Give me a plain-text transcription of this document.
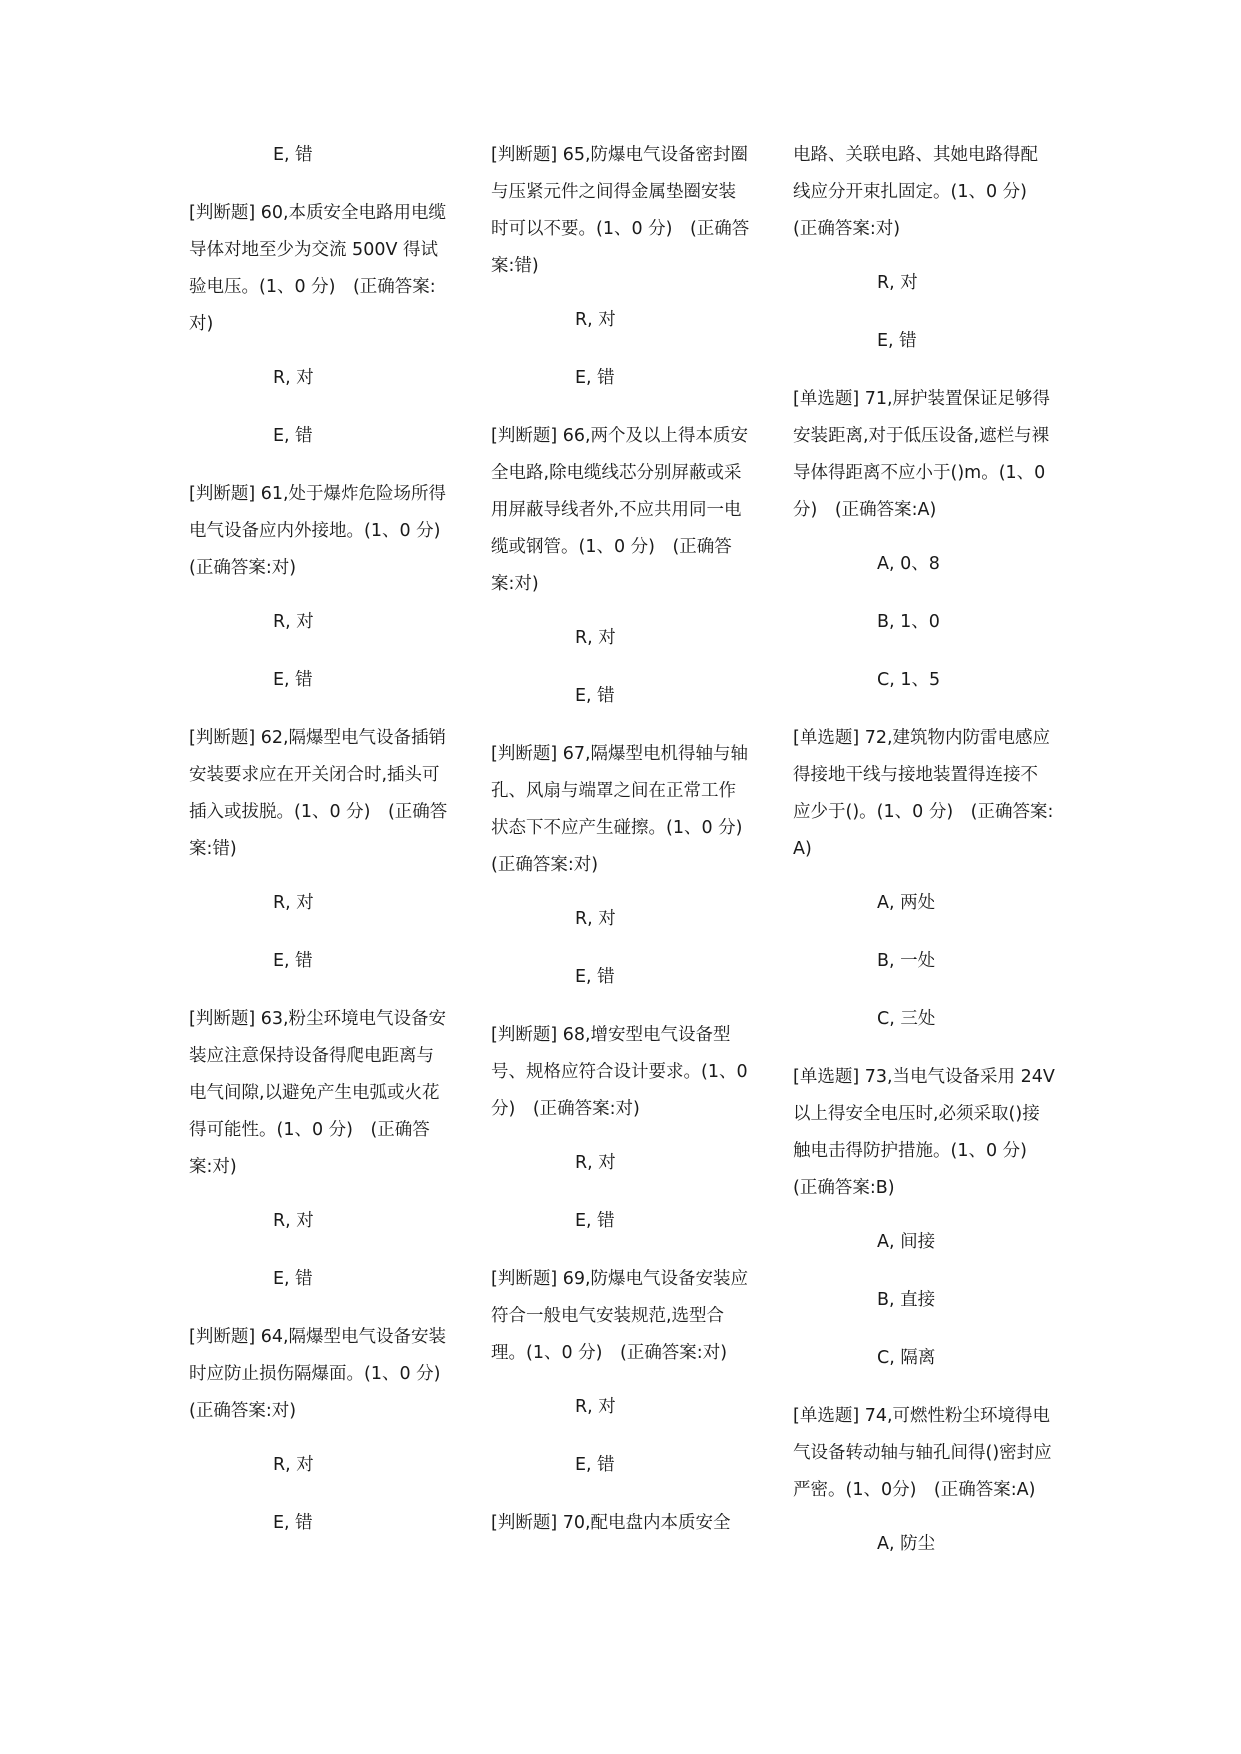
E, 错
[判断题] 60,本质安全电路用电缆导体对地至少为交流 500V 得试验电压。(1、0 分)　(正确答案:对)
R, 对
E, 错
[判断题] 61,处于爆炸危险场所得电气设备应内外接地。(1、0 分)　(正确答案:对)
R, 对
E, 错
[判断题] 62,隔爆型电气设备插销安装要求应在开关闭合时,插头可插入或拔脱。(1、0 分)　(正确答案:错)
R, 对
E, 错
[判断题] 63,粉尘环境电气设备安装应注意保持设备得爬电距离与电气间隙,以避免产生电弧或火花得可能性。(1、0 分)　(正确答案:对)
R, 对
E, 错
[判断题] 64,隔爆型电气设备安装时应防止损伤隔爆面。(1、0 分)　(正确答案:对)
R, 对
E, 错
[判断题] 65,防爆电气设备密封圈与压紧元件之间得金属垫圈安装时可以不要。(1、0 分)　(正确答案:错)
R, 对
E, 错
[判断题] 66,两个及以上得本质安全电路,除电缆线芯分别屏蔽或采用屏蔽导线者外,不应共用同一电缆或钢管。(1、0 分)　(正确答案:对)
R, 对
E, 错
[判断题] 67,隔爆型电机得轴与轴孔、风扇与端罩之间在正常工作状态下不应产生碰擦。(1、0 分)　(正确答案:对)
R, 对
E, 错
[判断题] 68,增安型电气设备型号、规格应符合设计要求。(1、0 分)　(正确答案:对)
R, 对
E, 错
[判断题] 69,防爆电气设备安装应符合一般电气安装规范,选型合理。(1、0 分)　(正确答案:对)
R, 对
E, 错
[判断题] 70,配电盘内本质安全
电路、关联电路、其她电路得配线应分开束扎固定。(1、0 分)　(正确答案:对)
R, 对
E, 错
[单选题] 71,屏护装置保证足够得安装距离,对于低压设备,遮栏与裸导体得距离不应小于()m。(1、0 分)　(正确答案:A)
A, 0、8
B, 1、0
C, 1、5
[单选题] 72,建筑物内防雷电感应得接地干线与接地装置得连接不应少于()。(1、0 分)　(正确答案:A)
A, 两处
B, 一处
C, 三处
[单选题] 73,当电气设备采用 24V 以上得安全电压时,必须采取()接触电击得防护措施。(1、0 分)　(正确答案:B)
A, 间接
B, 直接
C, 隔离
[单选题] 74,可燃性粉尘环境得电气设备转动轴与轴孔间得()密封应严密。(1、0分)　(正确答案:A)
A, 防尘
